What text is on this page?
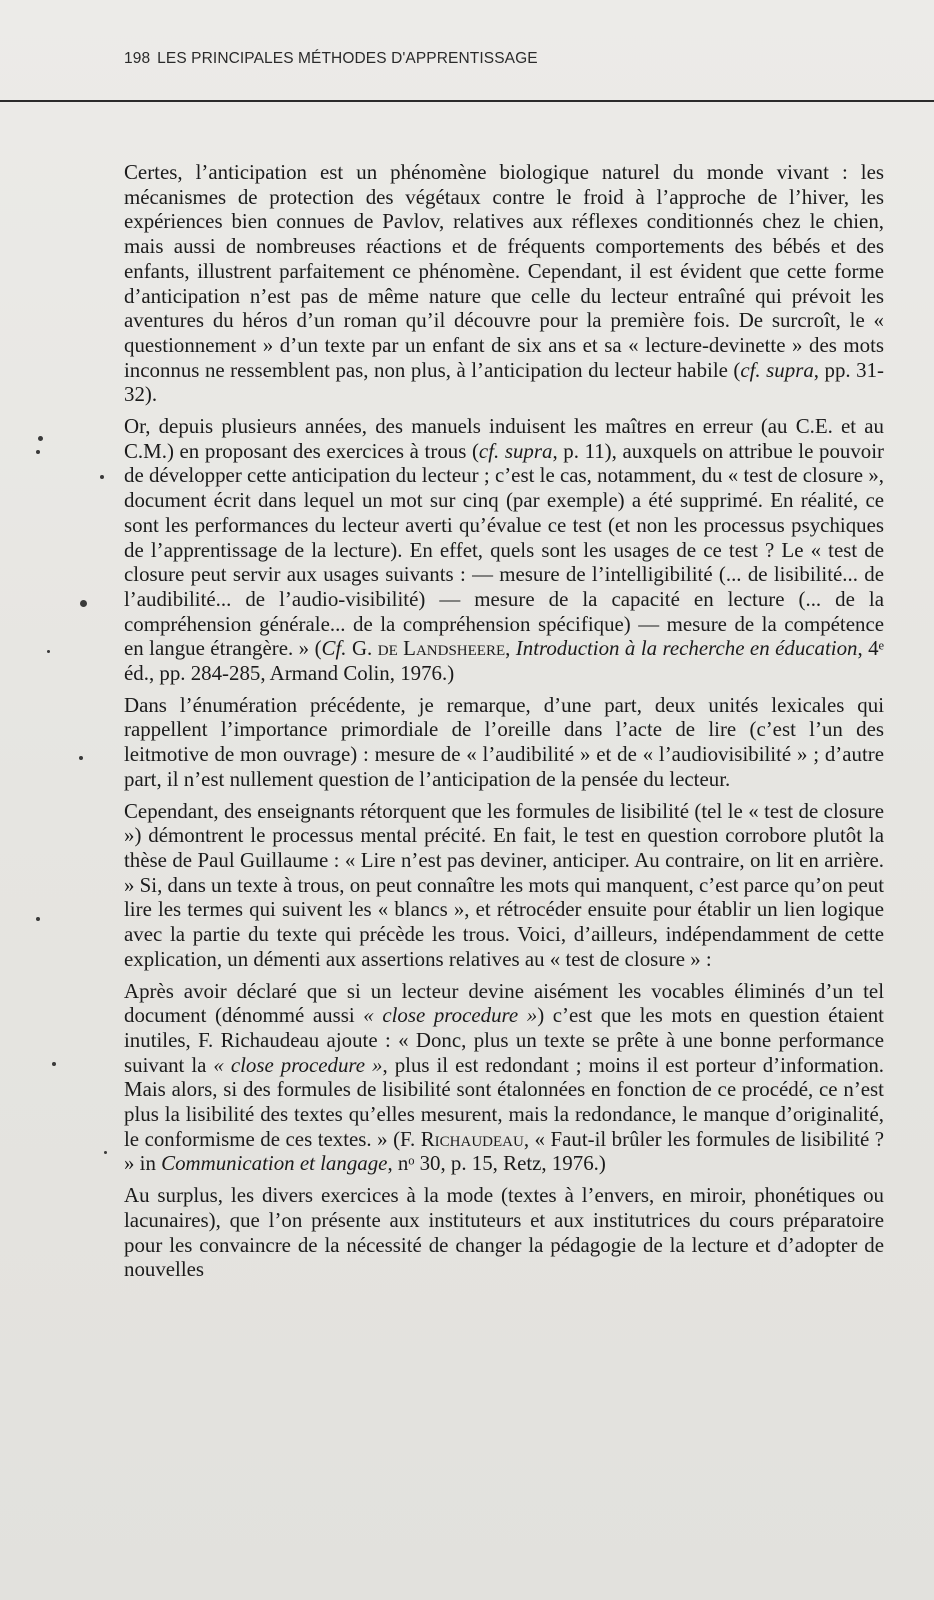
198 LES PRINCIPALES MÉTHODES D'APPRENTISSAGE

Certes, l’anticipation est un phénomène biologique naturel du monde vivant : les mécanismes de protection des végétaux contre le froid à l’approche de l’hiver, les expériences bien connues de Pavlov, relatives aux réflexes conditionnés chez le chien, mais aussi de nombreuses réactions et de fréquents comportements des bébés et des enfants, illustrent parfaitement ce phénomène. Cependant, il est évident que cette forme d’anticipation n’est pas de même nature que celle du lecteur entraîné qui prévoit les aventures du héros d’un roman qu’il découvre pour la première fois. De surcroît, le « questionnement » d’un texte par un enfant de six ans et sa « lecture-devinette » des mots inconnus ne ressemblent pas, non plus, à l’anticipation du lecteur habile (cf. supra, pp. 31-32).

Or, depuis plusieurs années, des manuels induisent les maîtres en erreur (au C.E. et au C.M.) en proposant des exercices à trous (cf. supra, p. 11), auxquels on attribue le pouvoir de développer cette anticipation du lecteur ; c’est le cas, notamment, du « test de closure », document écrit dans lequel un mot sur cinq (par exemple) a été supprimé. En réalité, ce sont les performances du lecteur averti qu’évalue ce test (et non les processus psychiques de l’apprentissage de la lecture). En effet, quels sont les usages de ce test ? Le « test de closure peut servir aux usages suivants : — mesure de l’intelligibilité (... de lisibilité... de l’audibilité... de l’audio-visibilité) — mesure de la capacité en lecture (... de la compréhension générale... de la compréhension spécifique) — mesure de la compétence en langue étrangère. » (Cf. G. de Landsheere, Introduction à la recherche en éducation, 4ᵉ éd., pp. 284-285, Armand Colin, 1976.)

Dans l’énumération précédente, je remarque, d’une part, deux unités lexicales qui rappellent l’importance primordiale de l’oreille dans l’acte de lire (c’est l’un des leitmotive de mon ouvrage) : mesure de « l’audibilité » et de « l’audiovisibilité » ; d’autre part, il n’est nullement question de l’anticipation de la pensée du lecteur.

Cependant, des enseignants rétorquent que les formules de lisibilité (tel le « test de closure ») démontrent le processus mental précité. En fait, le test en question corrobore plutôt la thèse de Paul Guillaume : « Lire n’est pas deviner, anticiper. Au contraire, on lit en arrière. » Si, dans un texte à trous, on peut connaître les mots qui manquent, c’est parce qu’on peut lire les termes qui suivent les « blancs », et rétrocéder ensuite pour établir un lien logique avec la partie du texte qui précède les trous. Voici, d’ailleurs, indépendamment de cette explication, un démenti aux assertions relatives au « test de closure » :

Après avoir déclaré que si un lecteur devine aisément les vocables éliminés d’un tel document (dénommé aussi « close procedure ») c’est que les mots en question étaient inutiles, F. Richaudeau ajoute : « Donc, plus un texte se prête à une bonne performance suivant la « close procedure », plus il est redondant ; moins il est porteur d’information. Mais alors, si des formules de lisibilité sont étalonnées en fonction de ce procédé, ce n’est plus la lisibilité des textes qu’elles mesurent, mais la redondance, le manque d’originalité, le conformisme de ces textes. » (F. Richaudeau, « Faut-il brûler les formules de lisibilité ? » in Communication et langage, nᵒ 30, p. 15, Retz, 1976.)

Au surplus, les divers exercices à la mode (textes à l’envers, en miroir, phonétiques ou lacunaires), que l’on présente aux instituteurs et aux institutrices du cours préparatoire pour les convaincre de la nécessité de changer la pédagogie de la lecture et d’adopter de nouvelles
